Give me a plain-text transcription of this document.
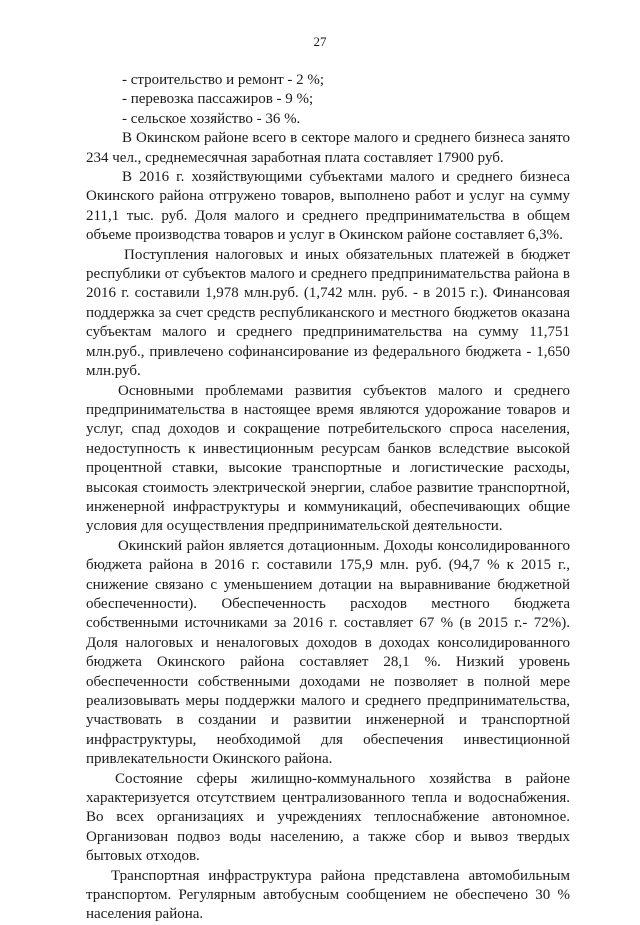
27
- строительство и ремонт - 2 %;
- перевозка пассажиров - 9 %;
- сельское хозяйство - 36 %.
В Окинском районе всего в секторе малого и среднего бизнеса занято
234 чел., среднемесячная заработная плата составляет 17900 руб.
В 2016 г. хозяйствующими субъектами малого и среднего бизнеса
Окинского района отгружено товаров, выполнено работ и услуг на сумму
211,1 тыс. руб. Доля малого и среднего предпринимательства в общем
объеме производства товаров и услуг в Окинском районе составляет 6,3%.
Поступления налоговых и иных обязательных платежей в бюджет
республики от субъектов малого и среднего предпринимательства района в
2016 г. составили 1,978 млн.руб. (1,742 млн. руб. - в 2015 г.). Финансовая
поддержка за счет средств республиканского и местного бюджетов оказана
субъектам малого и среднего предпринимательства на сумму 11,751
млн.руб., привлечено софинансирование из федерального бюджета - 1,650
млн.руб.
Основными проблемами развития субъектов малого и среднего
предпринимательства в настоящее время являются удорожание товаров и
услуг, спад доходов и сокращение потребительского спроса населения,
недоступность к инвестиционным ресурсам банков вследствие высокой
процентной ставки, высокие транспортные и логистические расходы,
высокая стоимость электрической энергии, слабое развитие транспортной,
инженерной инфраструктуры и коммуникаций, обеспечивающих общие
условия для осуществления предпринимательской деятельности.
Окинский район является дотационным. Доходы консолидированного
бюджета района в 2016 г. составили 175,9 млн. руб. (94,7 % к 2015 г.,
снижение связано с уменьшением дотации на выравнивание бюджетной
обеспеченности). Обеспеченность расходов местного бюджета
собственными источниками за 2016 г. составляет 67 % (в 2015 г.- 72%).
Доля налоговых и неналоговых доходов в доходах консолидированного
бюджета Окинского района составляет 28,1 %. Низкий уровень
обеспеченности собственными доходами не позволяет в полной мере
реализовывать меры поддержки малого и среднего предпринимательства,
участвовать в создании и развитии инженерной и транспортной
инфраструктуры, необходимой для обеспечения инвестиционной
привлекательности Окинского района.
Состояние сферы жилищно-коммунального хозяйства в районе
характеризуется отсутствием централизованного тепла и водоснабжения.
Во всех организациях и учреждениях теплоснабжение автономное.
Организован подвоз воды населению, а также сбор и вывоз твердых
бытовых отходов.
Транспортная инфраструктура района представлена автомобильным
транспортом. Регулярным автобусным сообщением не обеспечено 30 %
населения района.
